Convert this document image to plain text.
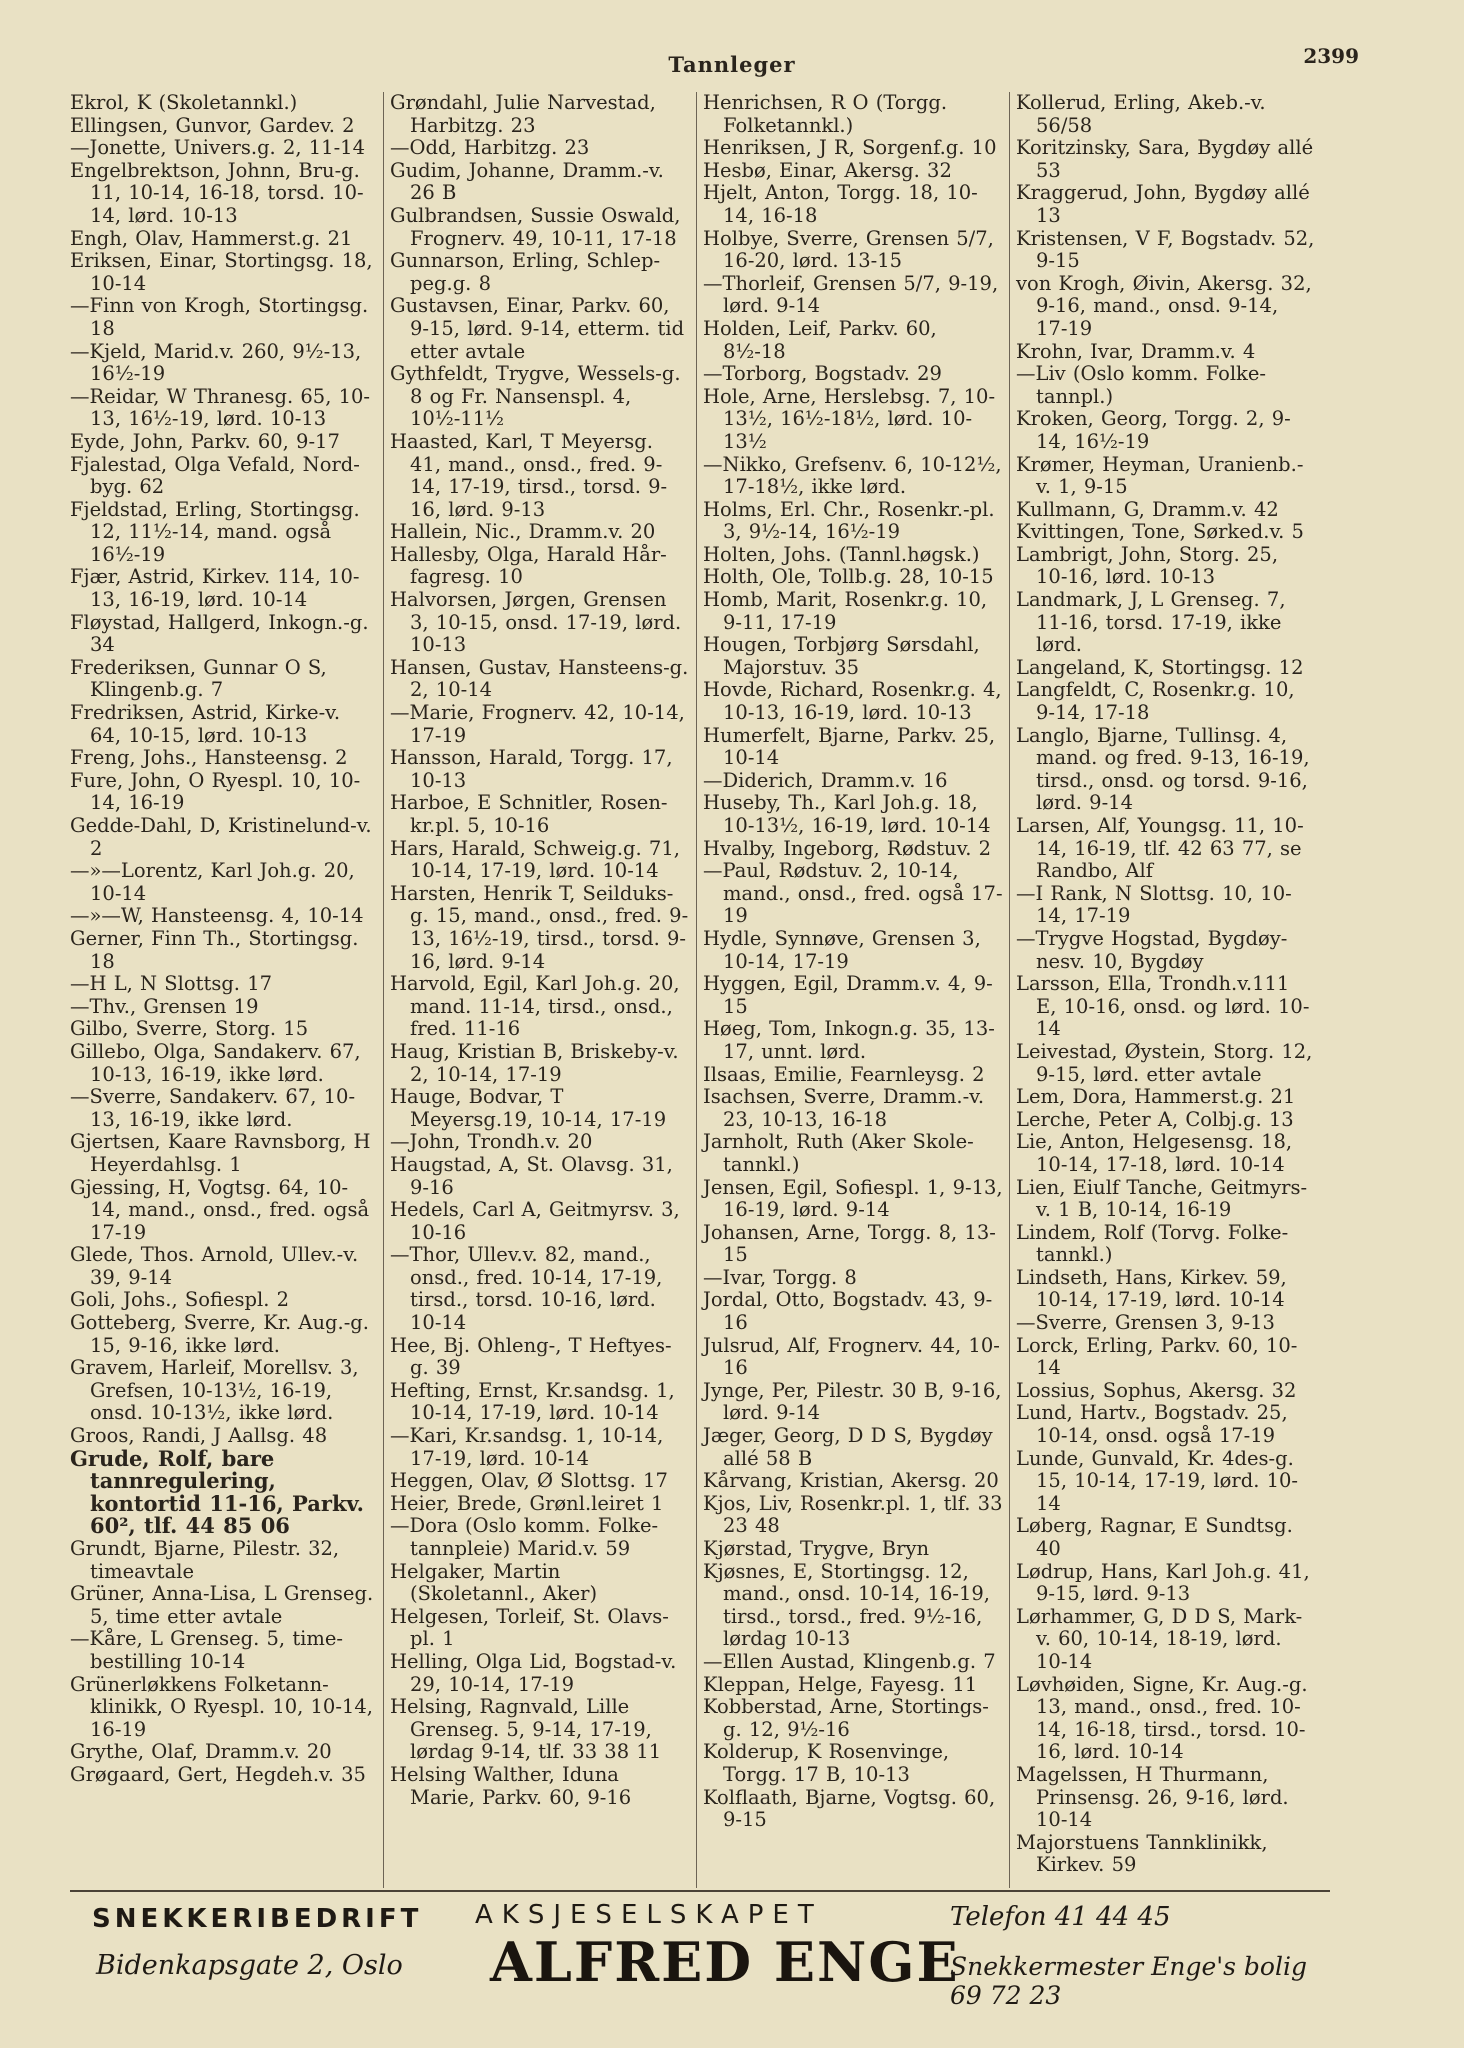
Tannleger	2399
Ekrol, K (Skoletannkl.)
Ellingsen, Gunvor, Gardev. 2
—Jonette, Univers.g. 2, 11-14
Engelbrektson, Johnn, Bru-g. 11, 10-14, 16-18, torsd. 10-14, lørd. 10-13
Engh, Olav, Hammerst.g. 21
Eriksen, Einar, Stortingsg. 18, 10-14
—Finn von Krogh, Stortingsg. 18
—Kjeld, Marid.v. 260, 9½-13, 16½-19
—Reidar, W Thranesg. 65, 10-13, 16½-19, lørd. 10-13
Eyde, John, Parkv. 60, 9-17
Fjalestad, Olga Vefald, Nord-byg. 62
Fjeldstad, Erling, Stortingsg. 12, 11½-14, mand. også 16½-19
Fjær, Astrid, Kirkev. 114, 10-13, 16-19, lørd. 10-14
Fløystad, Hallgerd, Inkogn.-g. 34
Frederiksen, Gunnar O S, Klingenb.g. 7
Fredriksen, Astrid, Kirke-v. 64, 10-15, lørd. 10-13
Freng, Johs., Hansteensg. 2
Fure, John, O Ryespl. 10, 10-14, 16-19
Gedde-Dahl, D, Kristinelund-v. 2
—»—Lorentz, Karl Joh.g. 20, 10-14
—»—W, Hansteensg. 4, 10-14
Gerner, Finn Th., Stortingsg. 18
—H L, N Slottsg. 17
—Thv., Grensen 19
Gilbo, Sverre, Storg. 15
Gillebo, Olga, Sandakerv. 67, 10-13, 16-19, ikke lørd.
—Sverre, Sandakerv. 67, 10-13, 16-19, ikke lørd.
Gjertsen, Kaare Ravnsborg, H Heyerdahlsg. 1
Gjessing, H, Vogtsg. 64, 10-14, mand., onsd., fred. også 17-19
Glede, Thos. Arnold, Ullev.-v. 39, 9-14
Goli, Johs., Sofiespl. 2
Gotteberg, Sverre, Kr. Aug.-g. 15, 9-16, ikke lørd.
Gravem, Harleif, Morellsv. 3, Grefsen, 10-13½, 16-19, onsd. 10-13½, ikke lørd.
Groos, Randi, J Aallsg. 48
Grude, Rolf, bare tannregulering, kontortid 11-16, Parkv. 60², tlf. 44 85 06
Grundt, Bjarne, Pilestr. 32, timeavtale
Grüner, Anna-Lisa, L Grenseg. 5, time etter avtale
—Kåre, L Grenseg. 5, time-bestilling 10-14
Grünerløkkens Folketann-klinikk, O Ryespl. 10, 10-14, 16-19
Grythe, Olaf, Dramm.v. 20
Grøgaard, Gert, Hegdeh.v. 35
Grøndahl, Julie Narvestad, Harbitzg. 23
—Odd, Harbitzg. 23
Gudim, Johanne, Dramm.-v. 26 B
Gulbrandsen, Sussie Oswald, Frognerv. 49, 10-11, 17-18
Gunnarson, Erling, Schlep-peg.g. 8
Gustavsen, Einar, Parkv. 60, 9-15, lørd. 9-14, etterm. tid etter avtale
Gythfeldt, Trygve, Wessels-g. 8 og Fr. Nansenspl. 4, 10½-11½
Haasted, Karl, T Meyersg. 41, mand., onsd., fred. 9-14, 17-19, tirsd., torsd. 9-16, lørd. 9-13
Hallein, Nic., Dramm.v. 20
Hallesby, Olga, Harald Hår-fagresg. 10
Halvorsen, Jørgen, Grensen 3, 10-15, onsd. 17-19, lørd. 10-13
Hansen, Gustav, Hansteens-g. 2, 10-14
—Marie, Frognerv. 42, 10-14, 17-19
Hansson, Harald, Torgg. 17, 10-13
Harboe, E Schnitler, Rosen-kr.pl. 5, 10-16
Hars, Harald, Schweig.g. 71, 10-14, 17-19, lørd. 10-14
Harsten, Henrik T, Seilduks-g. 15, mand., onsd., fred. 9-13, 16½-19, tirsd., torsd. 9-16, lørd. 9-14
Harvold, Egil, Karl Joh.g. 20, mand. 11-14, tirsd., onsd., fred. 11-16
Haug, Kristian B, Briskeby-v. 2, 10-14, 17-19
Hauge, Bodvar, T Meyersg.19, 10-14, 17-19
—John, Trondh.v. 20
Haugstad, A, St. Olavsg. 31, 9-16
Hedels, Carl A, Geitmyrsv. 3, 10-16
—Thor, Ullev.v. 82, mand., onsd., fred. 10-14, 17-19, tirsd., torsd. 10-16, lørd. 10-14
Hee, Bj. Ohleng-, T Heftyes-g. 39
Hefting, Ernst, Kr.sandsg. 1, 10-14, 17-19, lørd. 10-14
—Kari, Kr.sandsg. 1, 10-14, 17-19, lørd. 10-14
Heggen, Olav, Ø Slottsg. 17
Heier, Brede, Grønl.leiret 1
—Dora (Oslo komm. Folke-tannpleie) Marid.v. 59
Helgaker, Martin (Skoletannl., Aker)
Helgesen, Torleif, St. Olavs-pl. 1
Helling, Olga Lid, Bogstad-v. 29, 10-14, 17-19
Helsing, Ragnvald, Lille Grenseg. 5, 9-14, 17-19, lørdag 9-14, tlf. 33 38 11
Helsing Walther, Iduna Marie, Parkv. 60, 9-16
Henrichsen, R O (Torgg. Folketannkl.)
Henriksen, J R, Sorgenf.g. 10
Hesbø, Einar, Akersg. 32
Hjelt, Anton, Torgg. 18, 10-14, 16-18
Holbye, Sverre, Grensen 5/7, 16-20, lørd. 13-15
—Thorleif, Grensen 5/7, 9-19, lørd. 9-14
Holden, Leif, Parkv. 60, 8½-18
—Torborg, Bogstadv. 29
Hole, Arne, Herslebsg. 7, 10-13½, 16½-18½, lørd. 10-13½
—Nikko, Grefsenv. 6, 10-12½, 17-18½, ikke lørd.
Holms, Erl. Chr., Rosenkr.-pl. 3, 9½-14, 16½-19
Holten, Johs. (Tannl.høgsk.)
Holth, Ole, Tollb.g. 28, 10-15
Homb, Marit, Rosenkr.g. 10, 9-11, 17-19
Hougen, Torbjørg Sørsdahl, Majorstuv. 35
Hovde, Richard, Rosenkr.g. 4, 10-13, 16-19, lørd. 10-13
Humerfelt, Bjarne, Parkv. 25, 10-14
—Diderich, Dramm.v. 16
Huseby, Th., Karl Joh.g. 18, 10-13½, 16-19, lørd. 10-14
Hvalby, Ingeborg, Rødstuv. 2
—Paul, Rødstuv. 2, 10-14, mand., onsd., fred. også 17-19
Hydle, Synnøve, Grensen 3, 10-14, 17-19
Hyggen, Egil, Dramm.v. 4, 9-15
Høeg, Tom, Inkogn.g. 35, 13-17, unnt. lørd.
Ilsaas, Emilie, Fearnleysg. 2
Isachsen, Sverre, Dramm.-v. 23, 10-13, 16-18
Jarnholt, Ruth (Aker Skole-tannkl.)
Jensen, Egil, Sofiespl. 1, 9-13, 16-19, lørd. 9-14
Johansen, Arne, Torgg. 8, 13-15
—Ivar, Torgg. 8
Jordal, Otto, Bogstadv. 43, 9-16
Julsrud, Alf, Frognerv. 44, 10-16
Jynge, Per, Pilestr. 30 B, 9-16, lørd. 9-14
Jæger, Georg, D D S, Bygdøy allé 58 B
Kårvang, Kristian, Akersg. 20
Kjos, Liv, Rosenkr.pl. 1, tlf. 33 23 48
Kjørstad, Trygve, Bryn
Kjøsnes, E, Stortingsg. 12, mand., onsd. 10-14, 16-19, tirsd., torsd., fred. 9½-16, lørdag 10-13
—Ellen Austad, Klingenb.g. 7
Kleppan, Helge, Fayesg. 11
Kobberstad, Arne, Stortings-g. 12, 9½-16
Kolderup, K Rosenvinge, Torgg. 17 B, 10-13
Kolflaath, Bjarne, Vogtsg. 60, 9-15
Kollerud, Erling, Akeb.-v. 56/58
Koritzinsky, Sara, Bygdøy allé 53
Kraggerud, John, Bygdøy allé 13
Kristensen, V F, Bogstadv. 52, 9-15
von Krogh, Øivin, Akersg. 32, 9-16, mand., onsd. 9-14, 17-19
Krohn, Ivar, Dramm.v. 4
—Liv (Oslo komm. Folke-tannpl.)
Kroken, Georg, Torgg. 2, 9-14, 16½-19
Krømer, Heyman, Uranienb.-v. 1, 9-15
Kullmann, G, Dramm.v. 42
Kvittingen, Tone, Sørked.v. 5
Lambrigt, John, Storg. 25, 10-16, lørd. 10-13
Landmark, J, L Grenseg. 7, 11-16, torsd. 17-19, ikke lørd.
Langeland, K, Stortingsg. 12
Langfeldt, C, Rosenkr.g. 10, 9-14, 17-18
Langlo, Bjarne, Tullinsg. 4, mand. og fred. 9-13, 16-19, tirsd., onsd. og torsd. 9-16, lørd. 9-14
Larsen, Alf, Youngsg. 11, 10-14, 16-19, tlf. 42 63 77, se Randbo, Alf
—I Rank, N Slottsg. 10, 10-14, 17-19
—Trygve Hogstad, Bygdøy-nesv. 10, Bygdøy
Larsson, Ella, Trondh.v.111 E, 10-16, onsd. og lørd. 10-14
Leivestad, Øystein, Storg. 12, 9-15, lørd. etter avtale
Lem, Dora, Hammerst.g. 21
Lerche, Peter A, Colbj.g. 13
Lie, Anton, Helgesensg. 18, 10-14, 17-18, lørd. 10-14
Lien, Eiulf Tanche, Geitmyrs-v. 1 B, 10-14, 16-19
Lindem, Rolf (Torvg. Folke-tannkl.)
Lindseth, Hans, Kirkev. 59, 10-14, 17-19, lørd. 10-14
—Sverre, Grensen 3, 9-13
Lorck, Erling, Parkv. 60, 10-14
Lossius, Sophus, Akersg. 32
Lund, Hartv., Bogstadv. 25, 10-14, onsd. også 17-19
Lunde, Gunvald, Kr. 4des-g. 15, 10-14, 17-19, lørd. 10-14
Løberg, Ragnar, E Sundtsg. 40
Lødrup, Hans, Karl Joh.g. 41, 9-15, lørd. 9-13
Lørhammer, G, D D S, Mark-v. 60, 10-14, 18-19, lørd. 10-14
Løvhøiden, Signe, Kr. Aug.-g. 13, mand., onsd., fred. 10-14, 16-18, tirsd., torsd. 10-16, lørd. 10-14
Magelssen, H Thurmann, Prinsensg. 26, 9-16, lørd. 10-14
Majorstuens Tannklinikk, Kirkev. 59
SNEKKERIBEDRIFT
Bidenkapsgate 2, Oslo
AKSJESELSKAPET
ALFRED ENGE
Telefon 41 44 45
Snekkermester Enge's bolig 69 72 23
